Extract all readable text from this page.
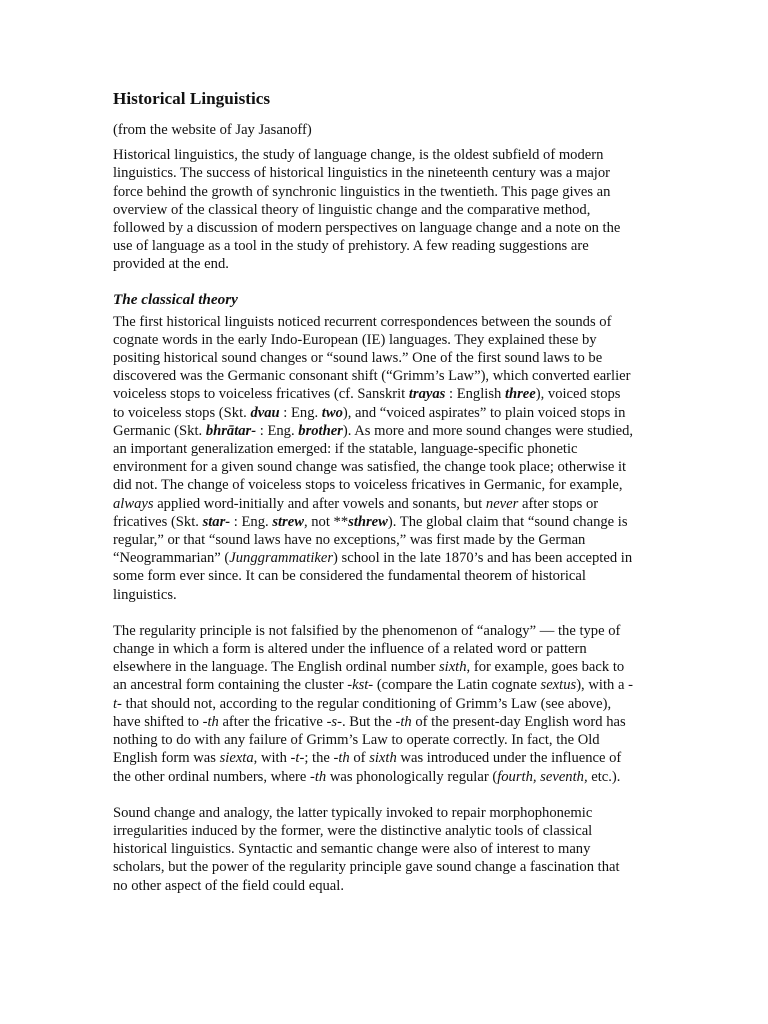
Historical Linguistics

(from the website of Jay Jasanoff)

Historical linguistics, the study of language change, is the oldest subfield of modern linguistics. The success of historical linguistics in the nineteenth century was a major force behind the growth of synchronic linguistics in the twentieth. This page gives an overview of the classical theory of linguistic change and the comparative method, followed by a discussion of modern perspectives on language change and a note on the use of language as a tool in the study of prehistory. A few reading suggestions are provided at the end.

The classical theory

The first historical linguists noticed recurrent correspondences between the sounds of cognate words in the early Indo-European (IE) languages. They explained these by positing historical sound changes or “sound laws.” One of the first sound laws to be discovered was the Germanic consonant shift (“Grimm’s Law”), which converted earlier voiceless stops to voiceless fricatives (cf. Sanskrit trayas : English three), voiced stops to voiceless stops (Skt. dvau : Eng. two), and “voiced aspirates” to plain voiced stops in Germanic (Skt. bhrātar- : Eng. brother). As more and more sound changes were studied, an important generalization emerged: if the statable, language-specific phonetic environment for a given sound change was satisfied, the change took place; otherwise it did not. The change of voiceless stops to voiceless fricatives in Germanic, for example, always applied word-initially and after vowels and sonants, but never after stops or fricatives (Skt. star- : Eng. strew, not **sthrew). The global claim that “sound change is regular,” or that “sound laws have no exceptions,” was first made by the German “Neogrammarian” (Junggrammatiker) school in the late 1870’s and has been accepted in some form ever since. It can be considered the fundamental theorem of historical linguistics.

The regularity principle is not falsified by the phenomenon of “analogy” — the type of change in which a form is altered under the influence of a related word or pattern elsewhere in the language. The English ordinal number sixth, for example, goes back to an ancestral form containing the cluster -kst- (compare the Latin cognate sextus), with a -t- that should not, according to the regular conditioning of Grimm’s Law (see above), have shifted to -th after the fricative -s-. But the -th of the present-day English word has nothing to do with any failure of Grimm’s Law to operate correctly. In fact, the Old English form was siexta, with -t-; the -th of sixth was introduced under the influence of the other ordinal numbers, where -th was phonologically regular (fourth, seventh, etc.).

Sound change and analogy, the latter typically invoked to repair morphophonemic irregularities induced by the former, were the distinctive analytic tools of classical historical linguistics. Syntactic and semantic change were also of interest to many scholars, but the power of the regularity principle gave sound change a fascination that no other aspect of the field could equal.
